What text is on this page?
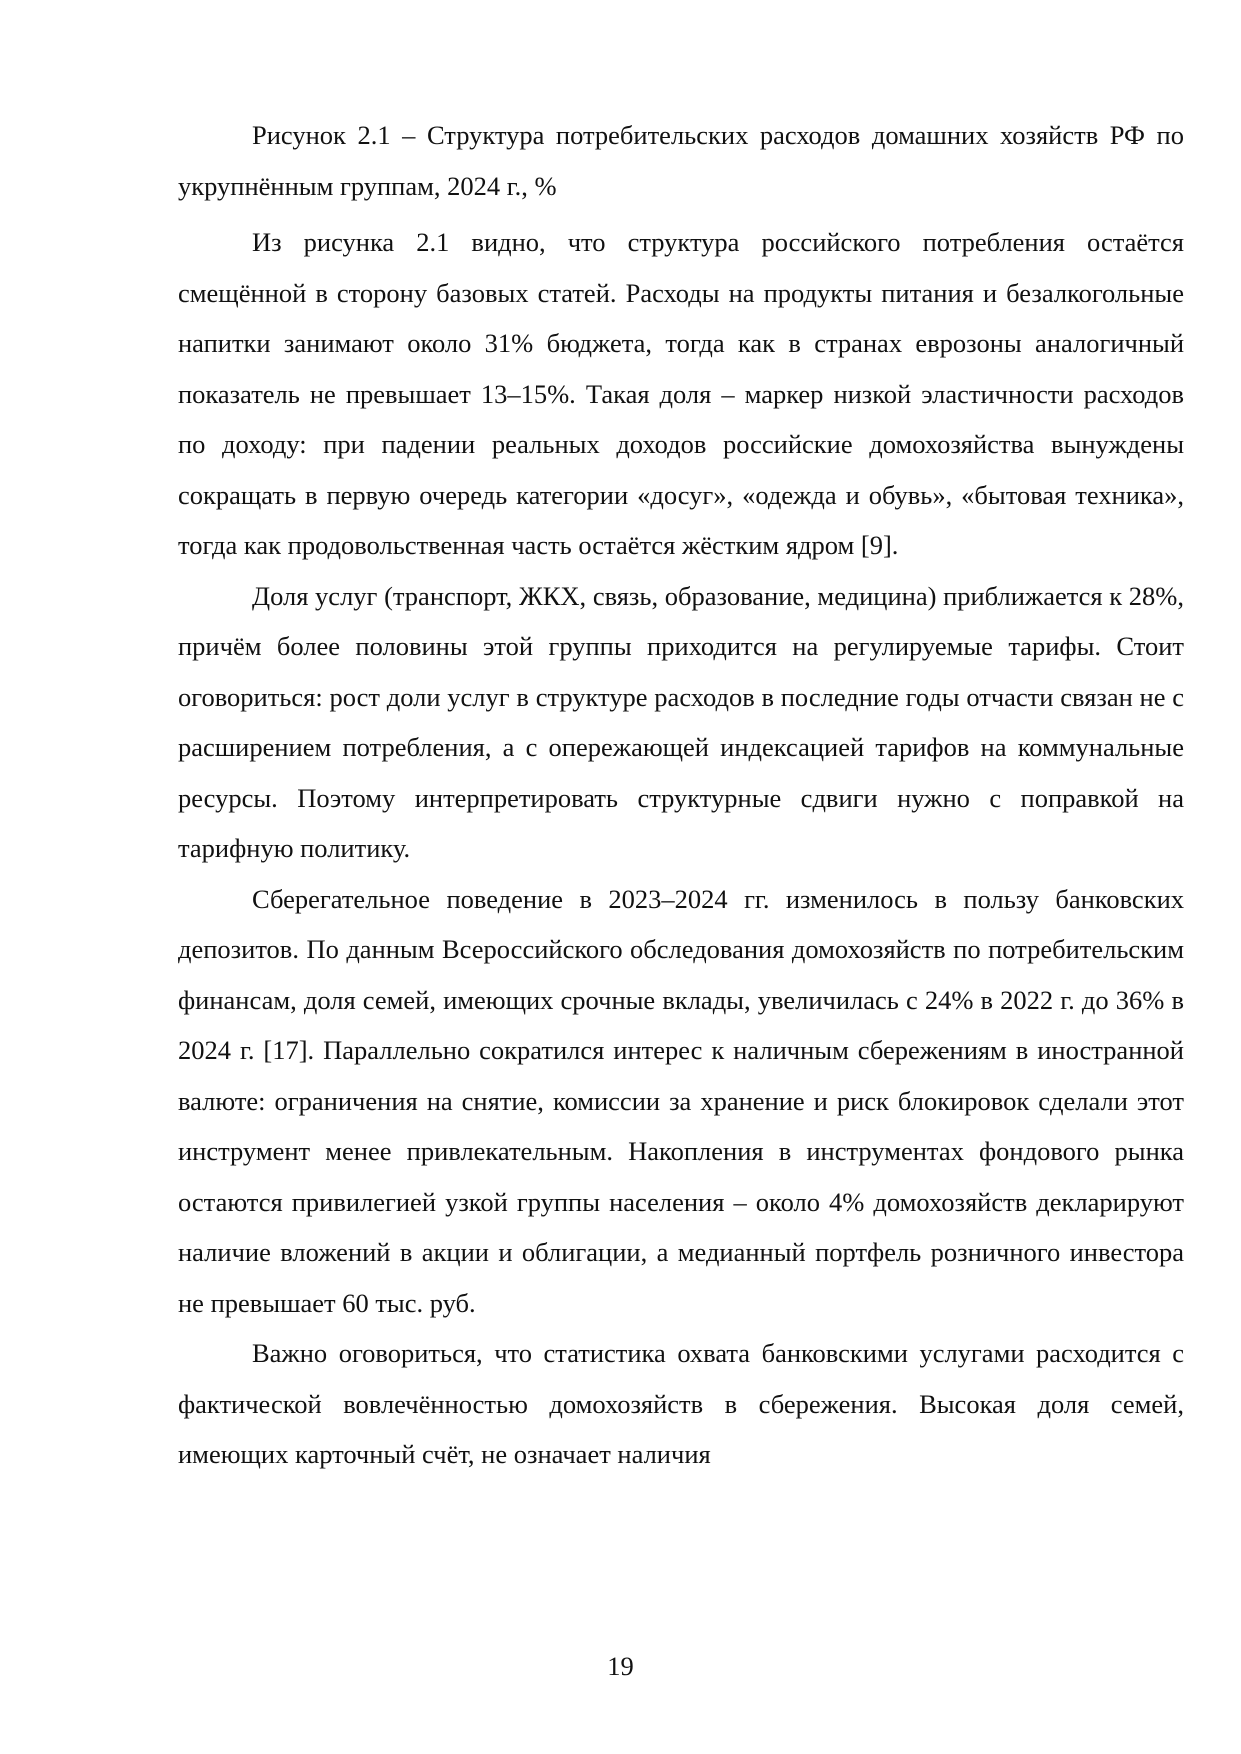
Рисунок 2.1 – Структура потребительских расходов домашних хозяйств РФ по укрупнённым группам, 2024 г., %

Из рисунка 2.1 видно, что структура российского потребления остаётся смещённой в сторону базовых статей. Расходы на продукты питания и безалкогольные напитки занимают около 31% бюджета, тогда как в странах еврозоны аналогичный показатель не превышает 13–15%. Такая доля – маркер низкой эластичности расходов по доходу: при падении реальных доходов российские домохозяйства вынуждены сокращать в первую очередь категории «досуг», «одежда и обувь», «бытовая техника», тогда как продовольственная часть остаётся жёстким ядром [9].

Доля услуг (транспорт, ЖКХ, связь, образование, медицина) приближается к 28%, причём более половины этой группы приходится на регулируемые тарифы. Стоит оговориться: рост доли услуг в структуре расходов в последние годы отчасти связан не с расширением потребления, а с опережающей индексацией тарифов на коммунальные ресурсы. Поэтому интерпретировать структурные сдвиги нужно с поправкой на тарифную политику.

Сберегательное поведение в 2023–2024 гг. изменилось в пользу банковских депозитов. По данным Всероссийского обследования домохозяйств по потребительским финансам, доля семей, имеющих срочные вклады, увеличилась с 24% в 2022 г. до 36% в 2024 г. [17]. Параллельно сократился интерес к наличным сбережениям в иностранной валюте: ограничения на снятие, комиссии за хранение и риск блокировок сделали этот инструмент менее привлекательным. Накопления в инструментах фондового рынка остаются привилегией узкой группы населения – около 4% домохозяйств декларируют наличие вложений в акции и облигации, а медианный портфель розничного инвестора не превышает 60 тыс. руб.

Важно оговориться, что статистика охвата банковскими услугами расходится с фактической вовлечённостью домохозяйств в сбережения. Высокая доля семей, имеющих карточный счёт, не означает наличия

19
